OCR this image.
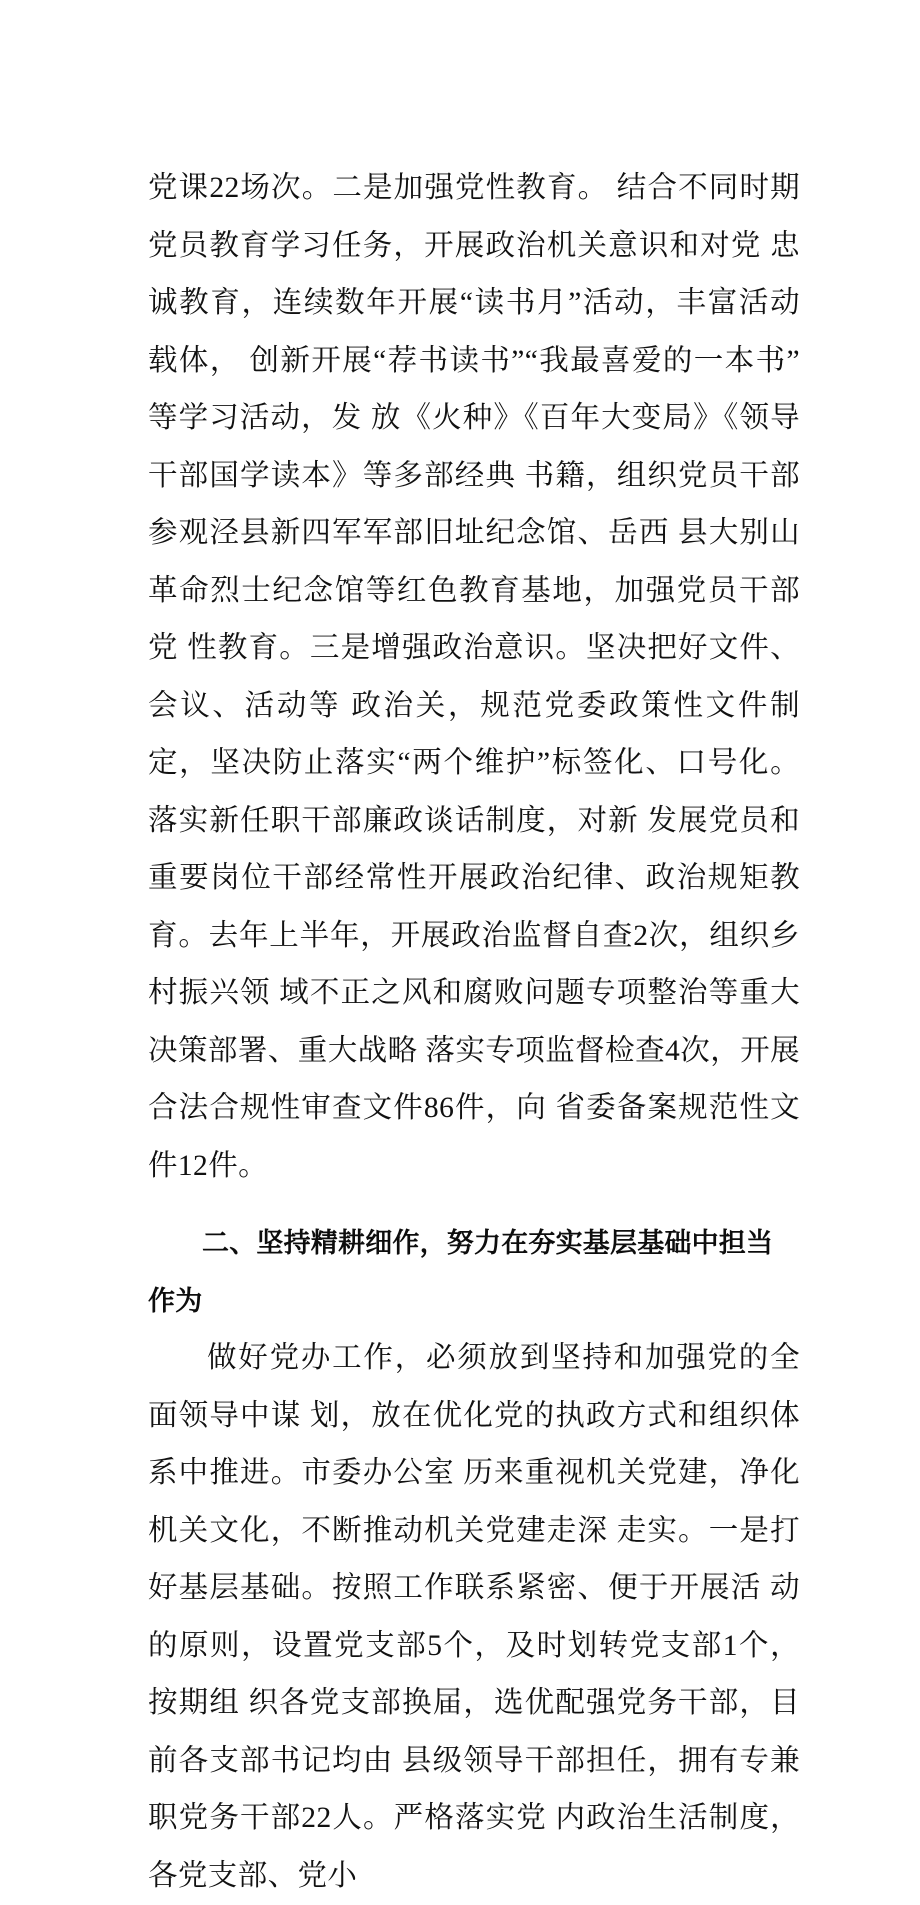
党课22场次。二是加强党性教育。 结合不同时期党员教育学习任务，开展政治机关意识和对党 忠诚教育，连续数年开展“读书月”活动，丰富活动载体， 创新开展“荐书读书”“我最喜爱的一本书”等学习活动，发 放《火种》《百年大变局》《领导干部国学读本》等多部经典 书籍，组织党员干部参观泾县新四军军部旧址纪念馆、岳西 县大别山革命烈士纪念馆等红色教育基地，加强党员干部党 性教育。三是增强政治意识。坚决把好文件、会议、活动等 政治关，规范党委政策性文件制定，坚决防止落实“两个维护”标签化、口号化。落实新任职干部廉政谈话制度，对新 发展党员和重要岗位干部经常性开展政治纪律、政治规矩教 育。去年上半年，开展政治监督自查2次，组织乡村振兴领 域不正之风和腐败问题专项整治等重大决策部署、重大战略 落实专项监督检查4次，开展合法合规性审查文件86件，向 省委备案规范性文件12件。

二、坚持精耕细作，努力在夯实基层基础中担当作为

做好党办工作，必须放到坚持和加强党的全面领导中谋 划，放在优化党的执政方式和组织体系中推进。市委办公室 历来重视机关党建，净化机关文化，不断推动机关党建走深 走实。一是打好基层基础。按照工作联系紧密、便于开展活 动的原则，设置党支部5个，及时划转党支部1个，按期组 织各党支部换届，选优配强党务干部，目前各支部书记均由 县级领导干部担任，拥有专兼职党务干部22人。严格落实党 内政治生活制度，各党支部、党小
